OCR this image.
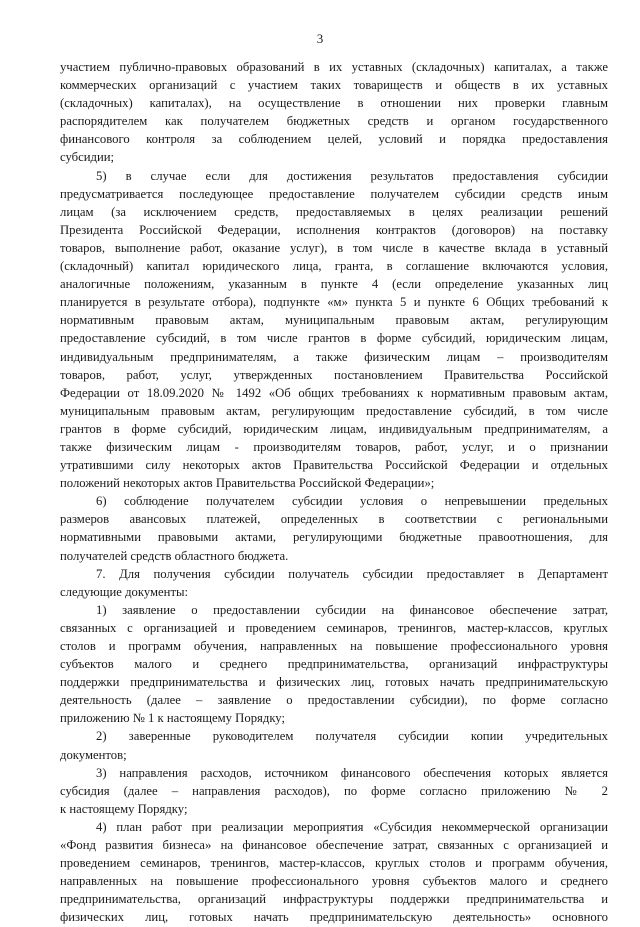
3
участием публично-правовых образований в их уставных (складочных) капиталах, а также
коммерческих организаций с участием таких товариществ и обществ в их уставных
(складочных) капиталах), на осуществление в отношении них проверки главным
распорядителем как получателем бюджетных средств и органом государственного
финансового контроля за соблюдением целей, условий и порядка предоставления
субсидии;
5) в случае если для достижения результатов предоставления субсидии
предусматривается последующее предоставление получателем субсидии средств иным
лицам (за исключением средств, предоставляемых в целях реализации решений
Президента Российской Федерации, исполнения контрактов (договоров) на поставку
товаров, выполнение работ, оказание услуг), в том числе в качестве вклада в уставный
(складочный) капитал юридического лица, гранта, в соглашение включаются условия,
аналогичные положениям, указанным в пункте 4 (если определение указанных лиц
планируется в результате отбора), подпункте «м» пункта 5 и пункте 6 Общих требований к
нормативным правовым актам, муниципальным правовым актам, регулирующим
предоставление субсидий, в том числе грантов в форме субсидий, юридическим лицам,
индивидуальным предпринимателям, а также физическим лицам – производителям
товаров, работ, услуг, утвержденных постановлением Правительства Российской
Федерации от 18.09.2020 № 1492 «Об общих требованиях к нормативным правовым актам,
муниципальным правовым актам, регулирующим предоставление субсидий, в том числе
грантов в форме субсидий, юридическим лицам, индивидуальным предпринимателям, а
также физическим лицам - производителям товаров, работ, услуг, и о признании
утратившими силу некоторых актов Правительства Российской Федерации и отдельных
положений некоторых актов Правительства Российской Федерации»;
6) соблюдение получателем субсидии условия о непревышении предельных
размеров авансовых платежей, определенных в соответствии с региональными
нормативными правовыми актами, регулирующими бюджетные правоотношения, для
получателей средств областного бюджета.
7. Для получения субсидии получатель субсидии предоставляет в Департамент
следующие документы:
1) заявление о предоставлении субсидии на финансовое обеспечение затрат,
связанных с организацией и проведением семинаров, тренингов, мастер-классов, круглых
столов и программ обучения, направленных на повышение профессионального уровня
субъектов малого и среднего предпринимательства, организаций инфраструктуры
поддержки предпринимательства и физических лиц, готовых начать предпринимательскую
деятельность (далее – заявление о предоставлении субсидии), по форме согласно
приложению № 1 к настоящему Порядку;
2) заверенные руководителем получателя субсидии копии учредительных
документов;
3) направления расходов, источником финансового обеспечения которых является
субсидия (далее – направления расходов), по форме согласно приложению № 2
к настоящему Порядку;
4) план работ при реализации мероприятия «Субсидия некоммерческой организации
«Фонд развития бизнеса» на финансовое обеспечение затрат, связанных с организацией и
проведением семинаров, тренингов, мастер-классов, круглых столов и программ обучения,
направленных на повышение профессионального уровня субъектов малого и среднего
предпринимательства, организаций инфраструктуры поддержки предпринимательства и
физических лиц, готовых начать предпринимательскую деятельность» основного
